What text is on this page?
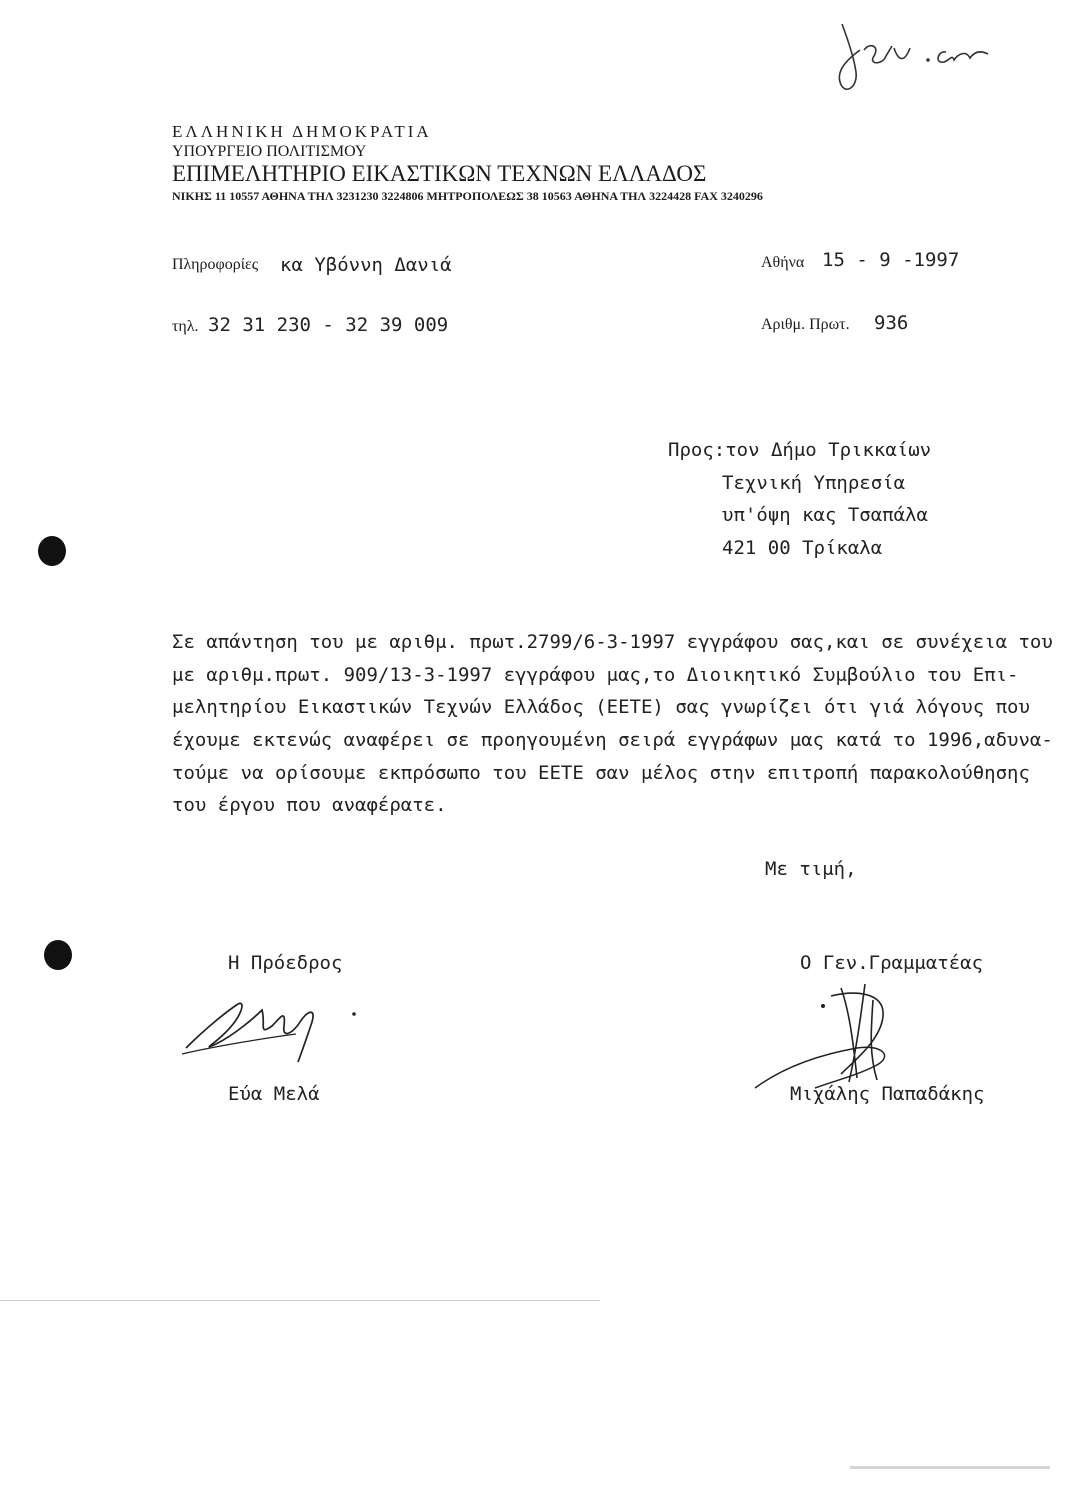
ΕΛΛΗΝΙΚΗ ΔΗΜΟΚΡΑΤΙΑ
ΥΠΟΥΡΓΕΙΟ ΠΟΛΙΤΙΣΜΟΥ
ΕΠΙΜΕΛΗΤΗΡΙΟ ΕΙΚΑΣΤΙΚΩΝ ΤΕΧΝΩΝ ΕΛΛΑΔΟΣ
ΝΙΚΗΣ 11 10557 ΑΘΗΝΑ ΤΗΛ 3231230 3224806 ΜΗΤΡΟΠΟΛΕΩΣ 38 10563 ΑΘΗΝΑ ΤΗΛ 3224428 FAX 3240296
Πληροφορίες κα Υβόννη Δανιά	Αθήνα 15 - 9 -1997
τηλ. 32 31 230 - 32 39 009	Αριθμ. Πρωτ. 936
Προς:τον Δήμο Τρικκαίων
Τεχνική Υπηρεσία
υπ'όψη κας Τσαπάλα
421 00 Τρίκαλα
Σε απάντηση του με αριθμ. πρωτ.2799/6-3-1997 εγγράφου σας,και σε συνέχεια του
με αριθμ.πρωτ. 909/13-3-1997 εγγράφου μας,το Διοικητικό Συμβούλιο του Επι-
μελητηρίου Εικαστικών Τεχνών Ελλάδος (ΕΕΤΕ) σας γνωρίζει ότι γιά λόγους που
έχουμε εκτενώς αναφέρει σε προηγουμένη σειρά εγγράφων μας κατά το 1996,αδυνα-
τούμε να ορίσουμε εκπρόσωπο του ΕΕΤΕ σαν μέλος στην επιτροπή παρακολούθησης
του έργου που αναφέρατε.
Με τιμή,
Η Πρόεδρος	Ο Γεν.Γραμματέας
Εύα Μελά	Μιχάλης Παπαδάκης
